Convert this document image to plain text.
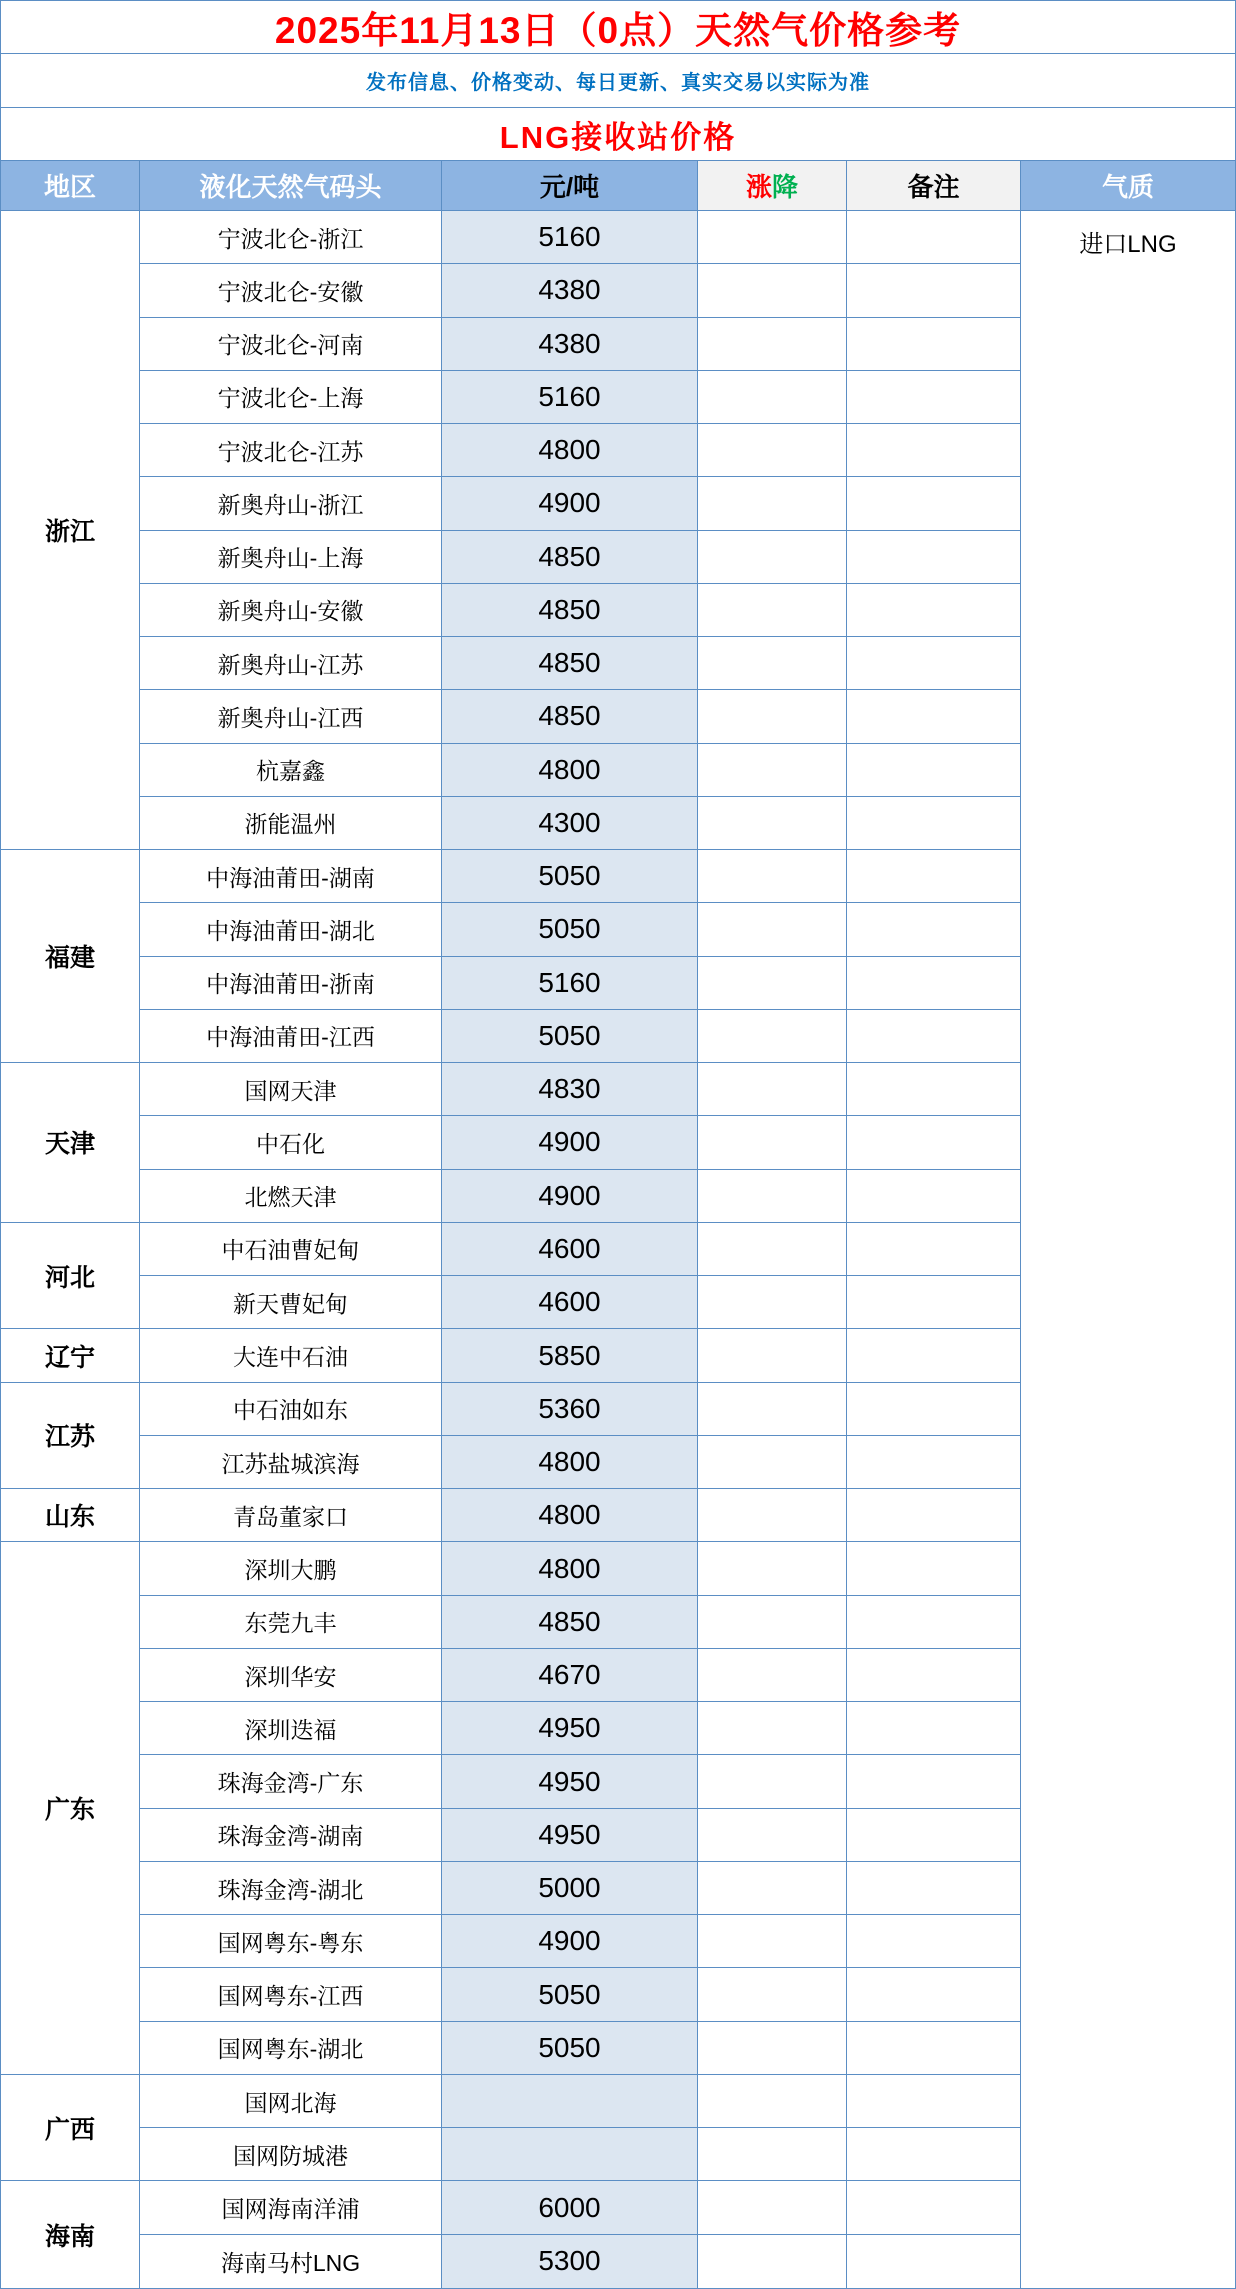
2025年11月13日（0点）天然气价格参考
发布信息、价格变动、每日更新、真实交易以实际为准
LNG接收站价格
地区	液化天然气码头	元/吨	涨 降	备注	气质
浙江
宁波北仑-浙江	5160
宁波北仑-安徽	4380
宁波北仑-河南	4380
宁波北仑-上海	5160
宁波北仑-江苏	4800
新奥舟山-浙江	4900
新奥舟山-上海	4850
新奥舟山-安徽	4850
新奥舟山-江苏	4850
新奥舟山-江西	4850
杭嘉鑫	4800
浙能温州	4300
福建
中海油莆田-湖南	5050
中海油莆田-湖北	5050
中海油莆田-浙南	5160
中海油莆田-江西	5050
天津
国网天津	4830
中石化	4900
北燃天津	4900
河北
中石油曹妃甸	4600
新天曹妃甸	4600
辽宁	大连中石油	5850
江苏
中石油如东	5360
江苏盐城滨海	4800
山东	青岛董家口	4800
广东
深圳大鹏	4800
东莞九丰	4850
深圳华安	4670
深圳迭福	4950
珠海金湾-广东	4950
珠海金湾-湖南	4950
珠海金湾-湖北	5000
国网粤东-粤东	4900
国网粤东-江西	5050
国网粤东-湖北	5050
广西
国网北海
国网防城港
海南
国网海南洋浦	6000
海南马村LNG	5300
进口LNG
